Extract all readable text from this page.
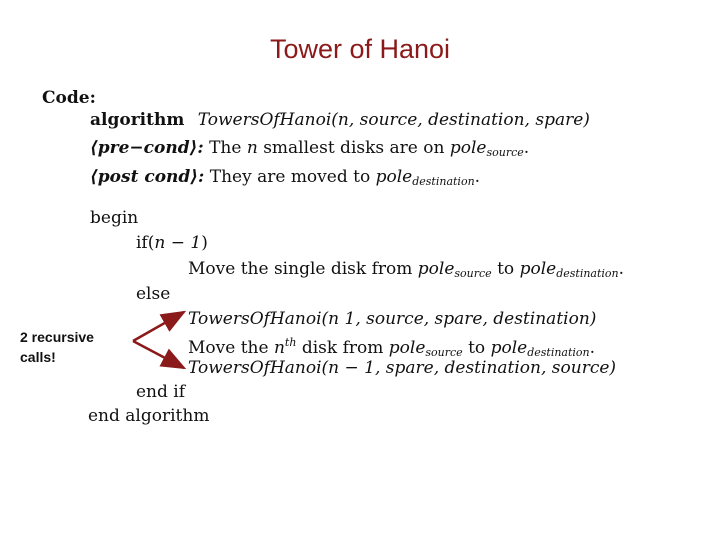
Tower of Hanoi
Code:
algorithm TowersOfHanoi(n, source, destination, spare)
⟨pre−cond⟩: The n smallest disks are on pole$_{source}$.
⟨post cond⟩: They are moved to pole$_{destination}$.
begin
if(n − 1)
Move the single disk from pole$_{source}$ to pole$_{destination}$.
else
TowersOfHanoi(n 1, source, spare, destination)
Move the $n^{th}$ disk from pole$_{source}$ to pole$_{destination}$.
TowersOfHanoi(n − 1, spare, destination, source)
end if
end algorithm
2 recursive
calls!
